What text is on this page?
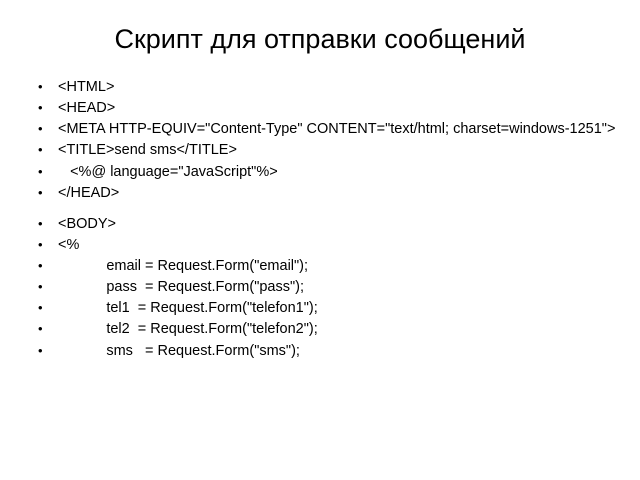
Скрипт для отправки сообщений
• <HTML>
• <HEAD>
• <META HTTP-EQUIV="Content-Type" CONTENT="text/html; charset=windows-1251">
• <TITLE>send sms</TITLE>
•    <%@ language="JavaScript"%>
• </HEAD>
• <BODY>
• <%
•             email = Request.Form("email");
•             pass  = Request.Form("pass");
•             tel1  = Request.Form("telefon1");
•             tel2  = Request.Form("telefon2");
•             sms   = Request.Form("sms");
